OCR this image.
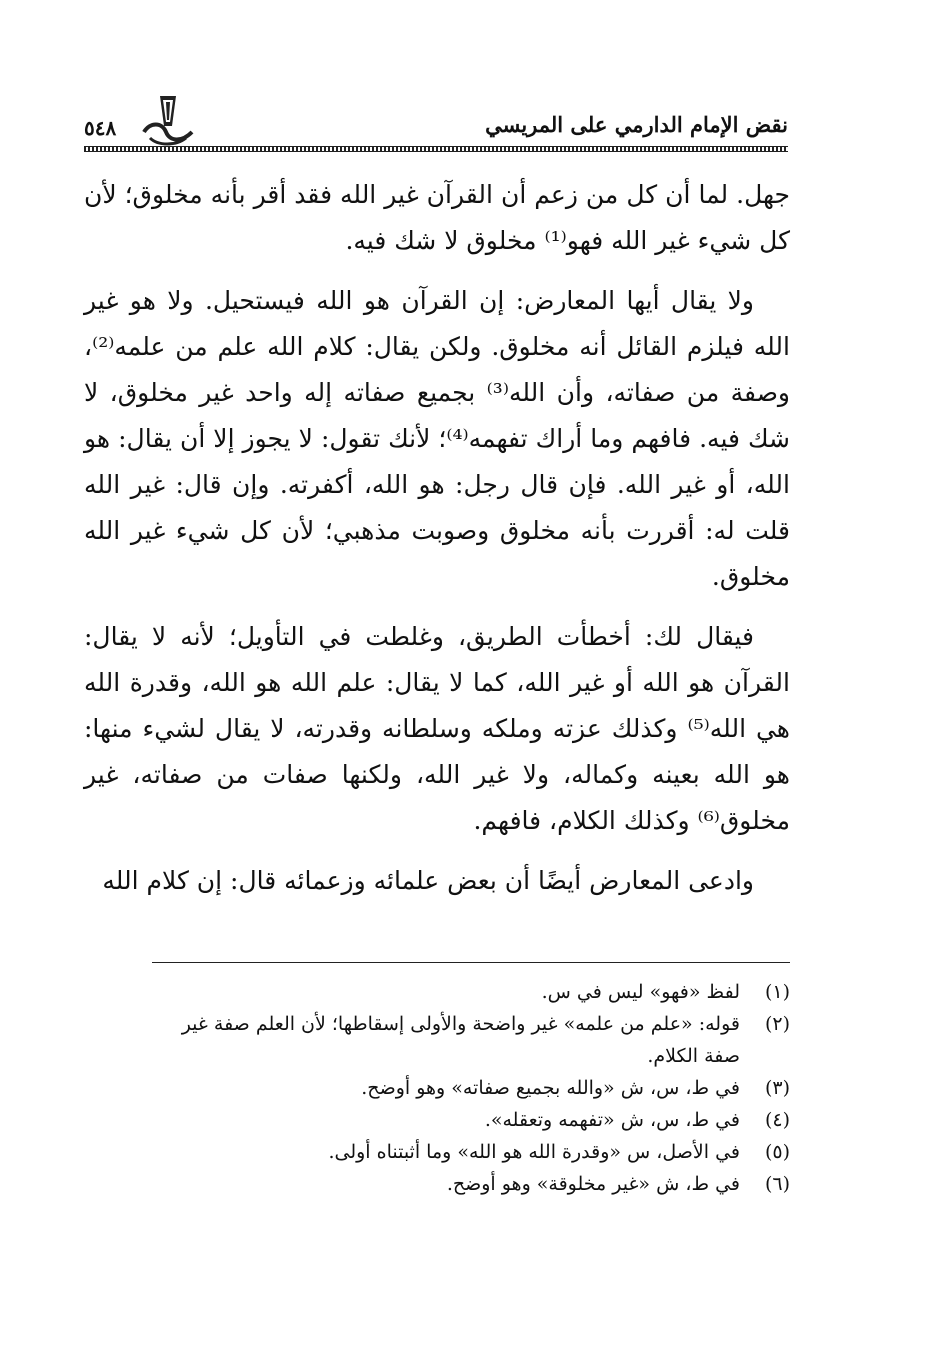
نقض الإمام الدارمي على المريسي
٥٤٨

جهل. لما أن كل من زعم أن القرآن غير الله فقد أقر بأنه مخلوق؛ لأن كل شيء غير الله فهو⁽¹⁾ مخلوق لا شك فيه.

ولا يقال أيها المعارض: إن القرآن هو الله فيستحيل. ولا هو غير الله فيلزم القائل أنه مخلوق. ولكن يقال: كلام الله علم من علمه⁽²⁾، وصفة من صفاته، وأن الله⁽³⁾ بجميع صفاته إله واحد غير مخلوق، لا شك فيه. فافهم وما أراك تفهمه⁽⁴⁾؛ لأنك تقول: لا يجوز إلا أن يقال: هو الله، أو غير الله. فإن قال رجل: هو الله، أكفرته. وإن قال: غير الله قلت له: أقررت بأنه مخلوق وصوبت مذهبي؛ لأن كل شيء غير الله مخلوق.

فيقال لك: أخطأت الطريق، وغلطت في التأويل؛ لأنه لا يقال: القرآن هو الله أو غير الله، كما لا يقال: علم الله هو الله، وقدرة الله هي الله⁽⁵⁾ وكذلك عزته وملكه وسلطانه وقدرته، لا يقال لشيء منها: هو الله بعينه وكماله، ولا غير الله، ولكنها صفات من صفاته، غير مخلوق⁽⁶⁾ وكذلك الكلام، فافهم.

وادعى المعارض أيضًا أن بعض علمائه وزعمائه قال: إن كلام الله

(١)
لفظ «فهو» ليس في س.
(٢)
قوله: «علم من علمه» غير واضحة والأولى إسقاطها؛ لأن العلم صفة غير
صفة الكلام.
(٣)
في ط، س، ش «والله بجميع صفاته» وهو أوضح.
(٤)
في ط، س، ش «تفهمه وتعقله».
(٥)
في الأصل، س «وقدرة الله هو الله» وما أثبتناه أولى.
(٦)
في ط، ش «غير مخلوقة» وهو أوضح.
